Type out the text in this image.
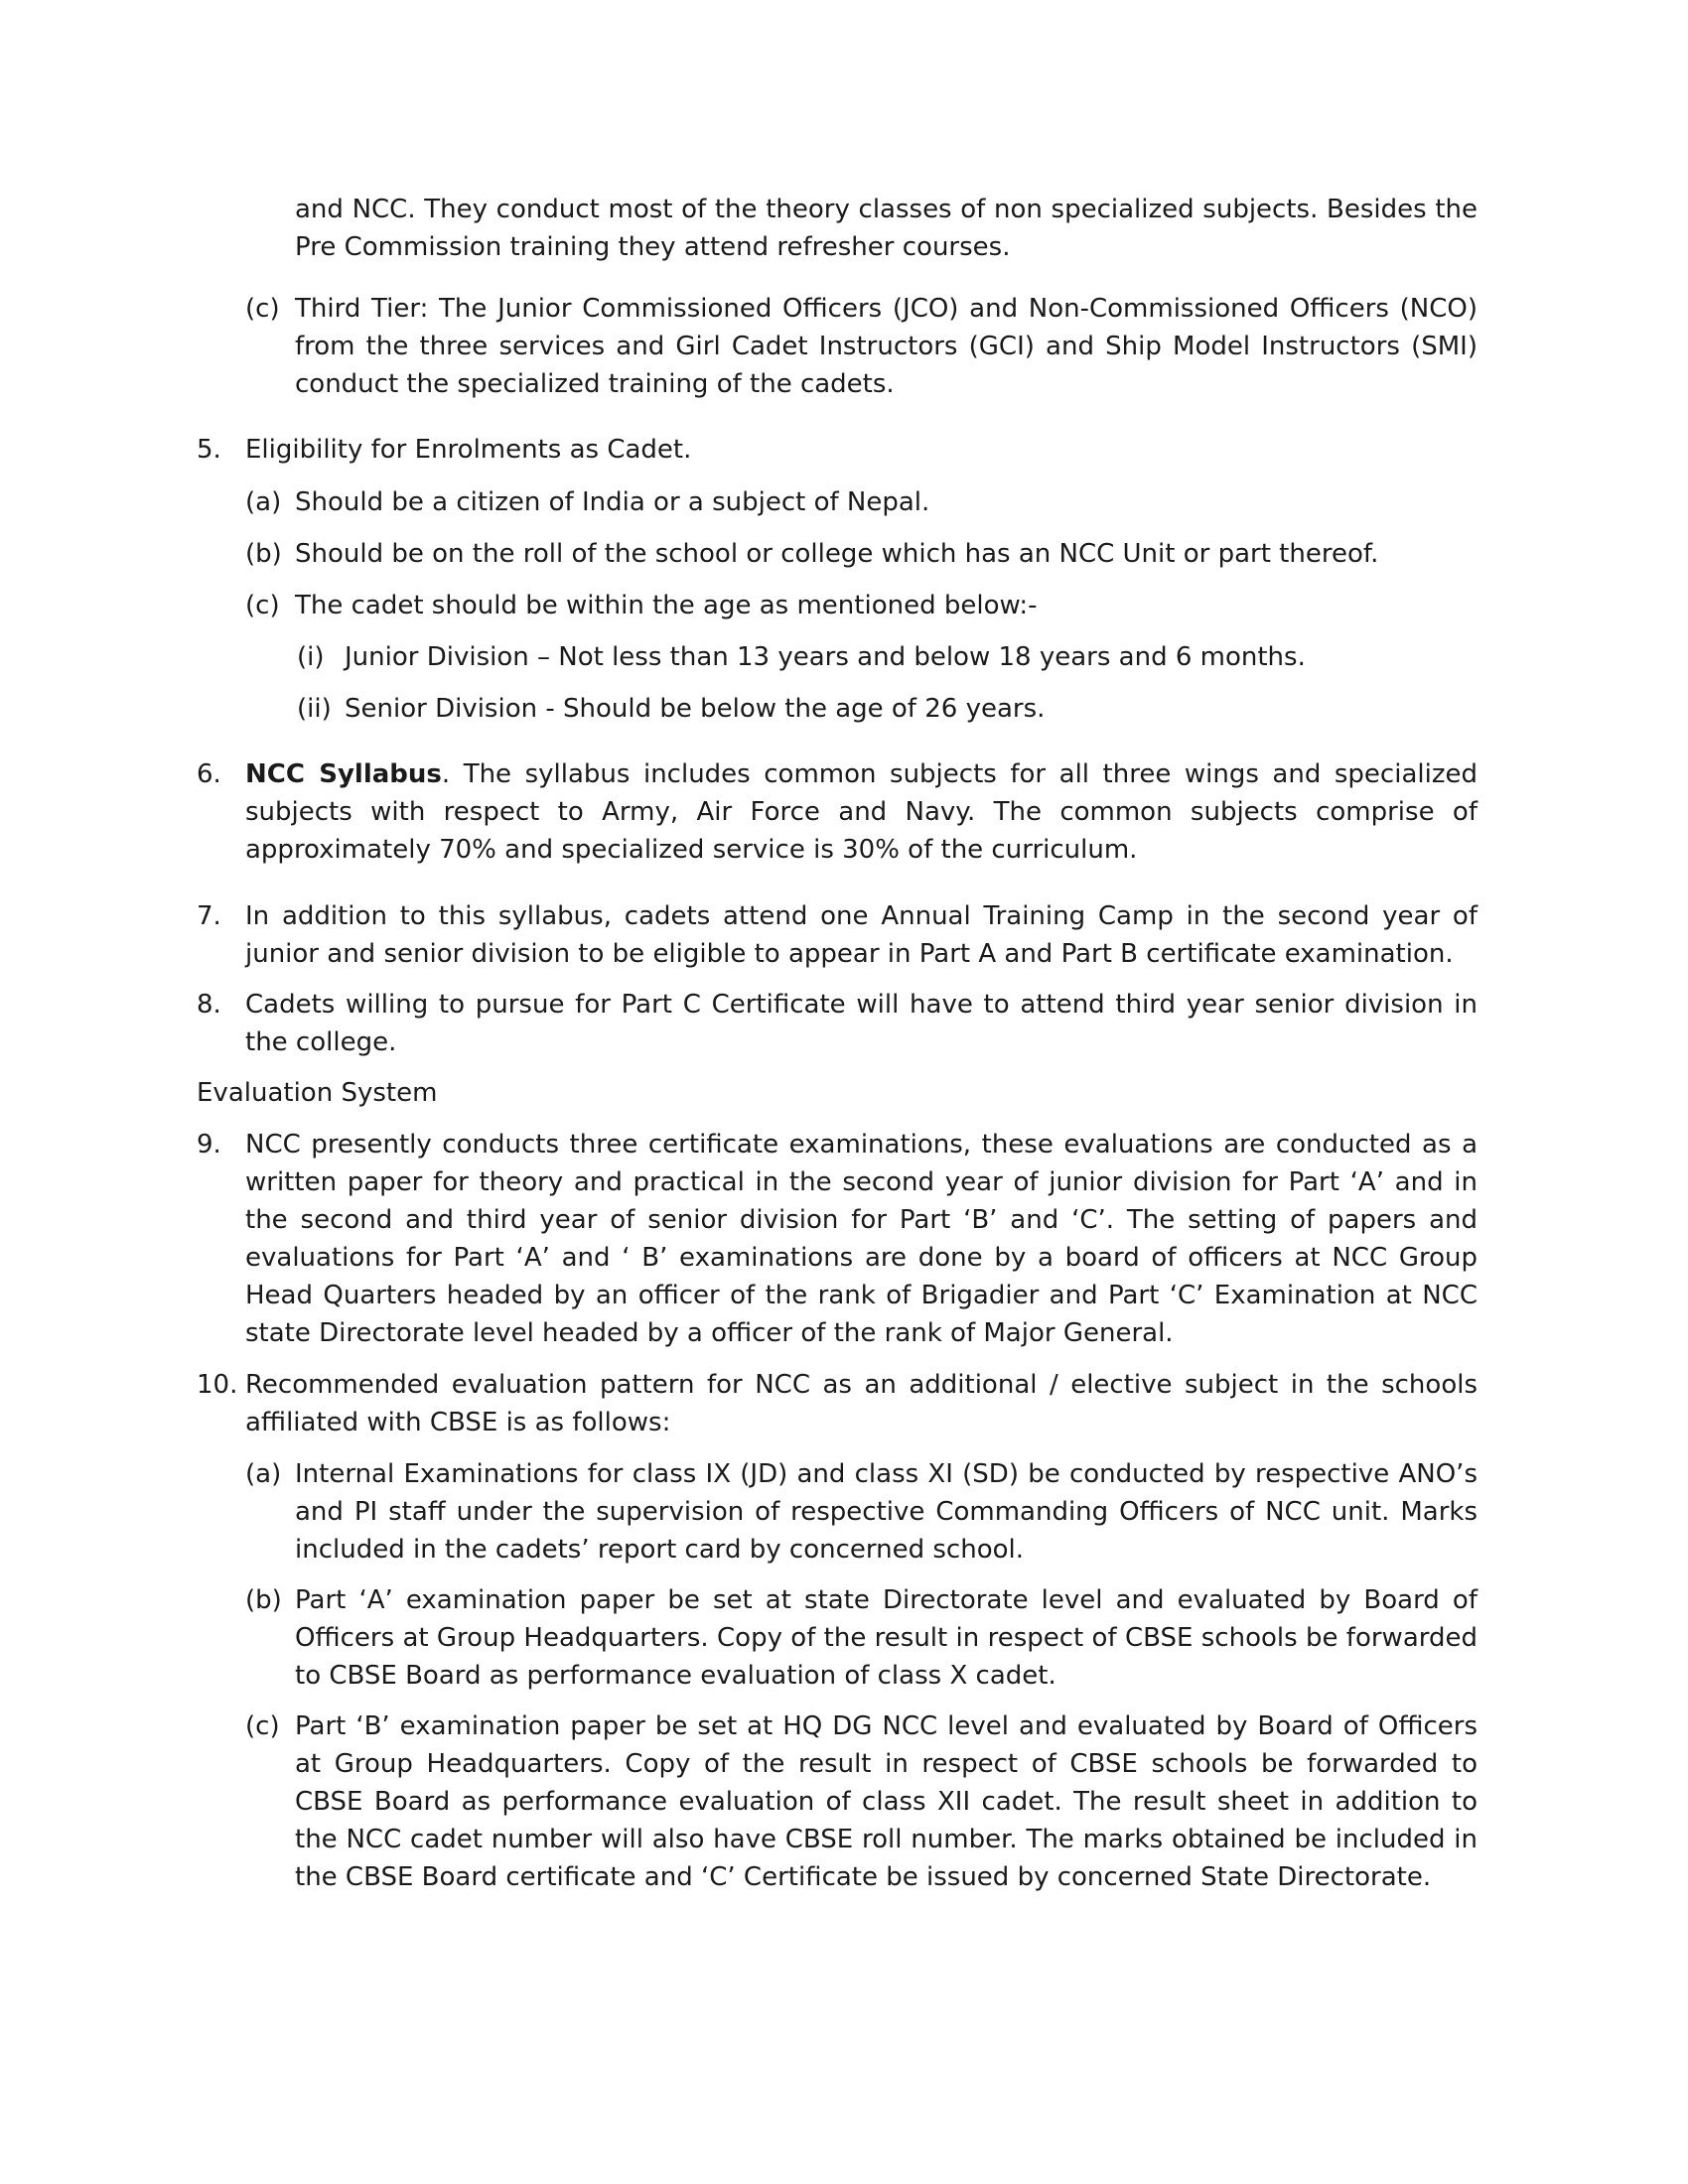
and NCC. They conduct most of the theory classes of non specialized subjects. Besides the Pre Commission training they attend refresher courses.
(c) Third Tier: The Junior Commissioned Officers (JCO) and Non-Commissioned Officers (NCO) from the three services and Girl Cadet Instructors (GCI) and Ship Model Instructors (SMI) conduct the specialized training of the cadets.
5. Eligibility for Enrolments as Cadet.
(a) Should be a citizen of India or a subject of Nepal.
(b) Should be on the roll of the school or college which has an NCC Unit or part thereof.
(c) The cadet should be within the age as mentioned below:-
(i) Junior Division – Not less than 13 years and below 18 years and 6 months.
(ii) Senior Division - Should be below the age of 26 years.
6. NCC Syllabus. The syllabus includes common subjects for all three wings and specialized subjects with respect to Army, Air Force and Navy. The common subjects comprise of approximately 70% and specialized service is 30% of the curriculum.
7. In addition to this syllabus, cadets attend one Annual Training Camp in the second year of junior and senior division to be eligible to appear in Part A and Part B certificate examination.
8. Cadets willing to pursue for Part C Certificate will have to attend third year senior division in the college.
Evaluation System
9. NCC presently conducts three certificate examinations, these evaluations are conducted as a written paper for theory and practical in the second year of junior division for Part ‘A’ and in the second and third year of senior division for Part ‘B’ and ‘C’. The setting of papers and evaluations for Part ‘A’ and ‘ B’ examinations are done by a board of officers at NCC Group Head Quarters headed by an officer of the rank of Brigadier and Part ‘C’ Examination at NCC state Directorate level headed by a officer of the rank of Major General.
10. Recommended evaluation pattern for NCC as an additional / elective subject in the schools affiliated with CBSE is as follows:
(a) Internal Examinations for class IX (JD) and class XI (SD) be conducted by respective ANO’s and PI staff under the supervision of respective Commanding Officers of NCC unit. Marks included in the cadets’ report card by concerned school.
(b) Part ‘A’ examination paper be set at state Directorate level and evaluated by Board of Officers at Group Headquarters. Copy of the result in respect of CBSE schools be forwarded to CBSE Board as performance evaluation of class X cadet.
(c) Part ‘B’ examination paper be set at HQ DG NCC level and evaluated by Board of Officers at Group Headquarters. Copy of the result in respect of CBSE schools be forwarded to CBSE Board as performance evaluation of class XII cadet. The result sheet in addition to the NCC cadet number will also have CBSE roll number. The marks obtained be included in the CBSE Board certificate and ‘C’ Certificate be issued by concerned State Directorate.
